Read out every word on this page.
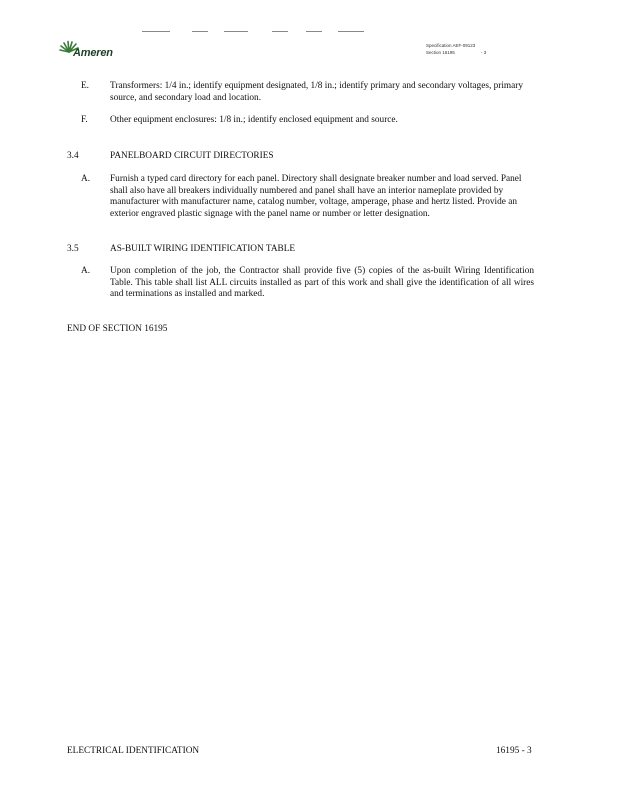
Ameren
Specification AEF-09123
Section 16195	- 3
E. Transformers: 1/4 in.; identify equipment designated, 1/8 in.; identify primary and secondary voltages, primary source, and secondary load and location.
F. Other equipment enclosures: 1/8 in.; identify enclosed equipment and source.
3.4	PANELBOARD CIRCUIT DIRECTORIES
A. Furnish a typed card directory for each panel. Directory shall designate breaker number and load served. Panel shall also have all breakers individually numbered and panel shall have an interior nameplate provided by manufacturer with manufacturer name, catalog number, voltage, amperage, phase and hertz listed. Provide an exterior engraved plastic signage with the panel name or number or letter designation.
3.5	AS-BUILT WIRING IDENTIFICATION TABLE
A. Upon completion of the job, the Contractor shall provide five (5) copies of the as-built Wiring Identification Table. This table shall list ALL circuits installed as part of this work and shall give the identification of all wires and terminations as installed and marked.
END OF SECTION 16195
ELECTRICAL IDENTIFICATION	16195 - 3
